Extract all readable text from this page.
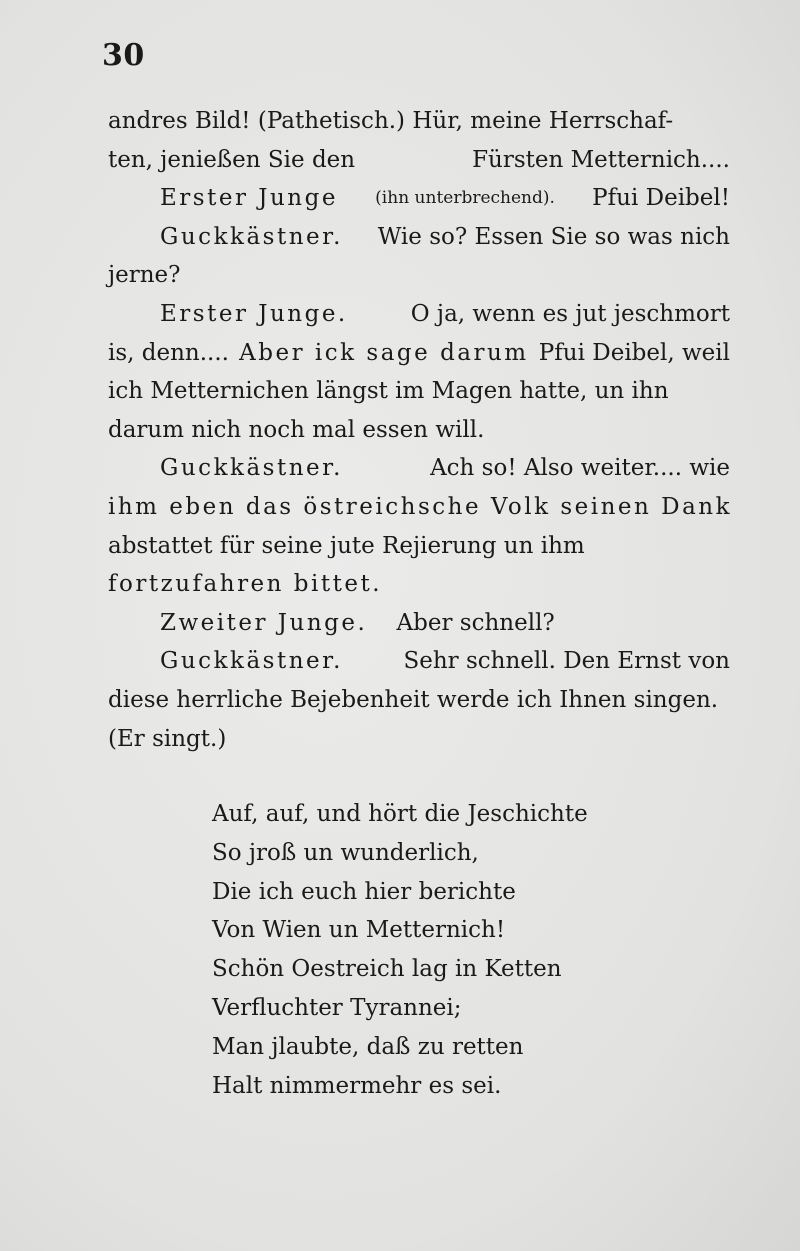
30
andres Bild! (Pathetisch.) Hür, meine Herrschaf-
ten, jenießen Sie den	Fürsten Metternich....
Erster Junge (ihn unterbrechend). Pfui Deibel!
Guckkästner. Wie so? Essen Sie so was nich
jerne?
Erster Junge.	O ja, wenn es jut jeschmort
is, denn.... Aber ick sage darum Pfui Deibel, weil
ich Metternichen längst im Magen hatte, un ihn
darum nich noch mal essen will.
Guckkästner.	Ach so! Also weiter.... wie
ihm eben das östreichsche Volk seinen Dank
abstattet für seine jute Rejierung un ihm
fortzufahren bittet.
Zweiter Junge. Aber schnell?
Guckkästner.	Sehr schnell. Den Ernst von
diese herrliche Bejebenheit werde ich Ihnen singen.
(Er singt.)
Auf, auf, und hört die Jeschichte
So jroß un wunderlich,
Die ich euch hier berichte
Von Wien un Metternich!
Schön Oestreich lag in Ketten
Verfluchter Tyrannei;
Man jlaubte, daß zu retten
Halt nimmermehr es sei.
